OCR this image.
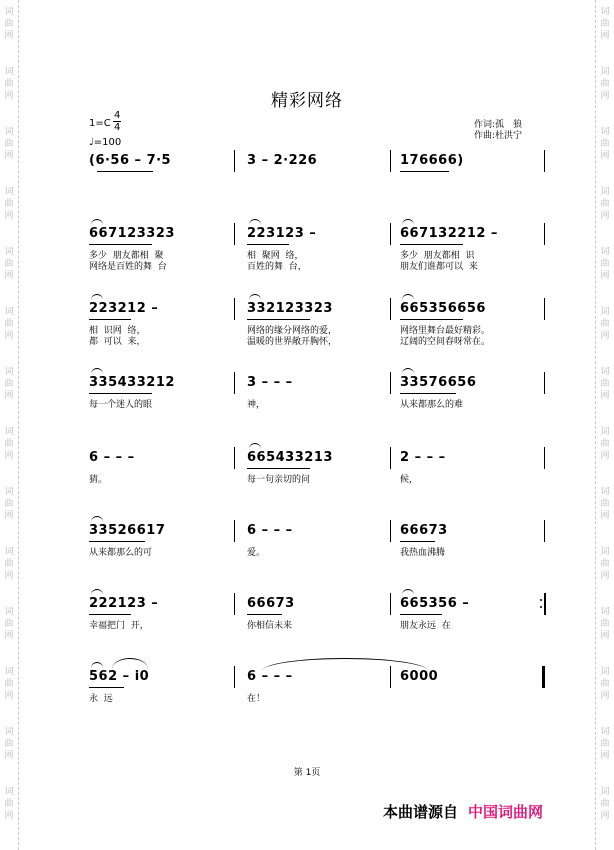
词
曲
网
词
曲
网
词
曲
网
词
曲
网
词
曲
网
词
曲
网
词
曲
网
词
曲
网
词
曲
网
词
曲
网
词
曲
网
词
曲
网
词
曲
网
词
曲
网
词
曲
网
词
曲
网
词
曲
网
词
曲
网
词
曲
网
词
曲
网
词
曲
网
词
曲
网
词
曲
网
词
曲
网
词
曲
网
词
曲
网
词
曲
网
词
曲
网
精彩网络
$1=C \frac{4}{4}$
♩=100
作词:孤　狼
作曲:杜洪宁
(6·56 – 7·5	3 – 2·226	176666)
667123323
多少  朋友都相  聚
网络是百姓的舞  台
223123 –
相  聚网  络，
百姓的舞  台，
667132212 –
多少  朋友都相  识
朋友们谁都可以  来
223212 –
相  识网  络，
都  可以  来，
332123323
网络的缘分网络的爱，
温暖的世界敞开胸怀，
665356656
网络里舞台最好精彩。
辽阔的空间春呀常在。
335433212
每一个迷人的眼
3 – – –
神，
33576656
从来都那么的难
6 – – –
猜。
665433213
每一句亲切的问
2 – – –
候，
33526617
从来都那么的可
6 – – –
爱。
66673
我热血沸腾
222123 –
幸福把门  开，
66673
你相信未来
665356 –
朋友永远  在
562 – i0
永  远
6 – – –
在！
6000
第 1页
本曲谱源自 中国词曲网
